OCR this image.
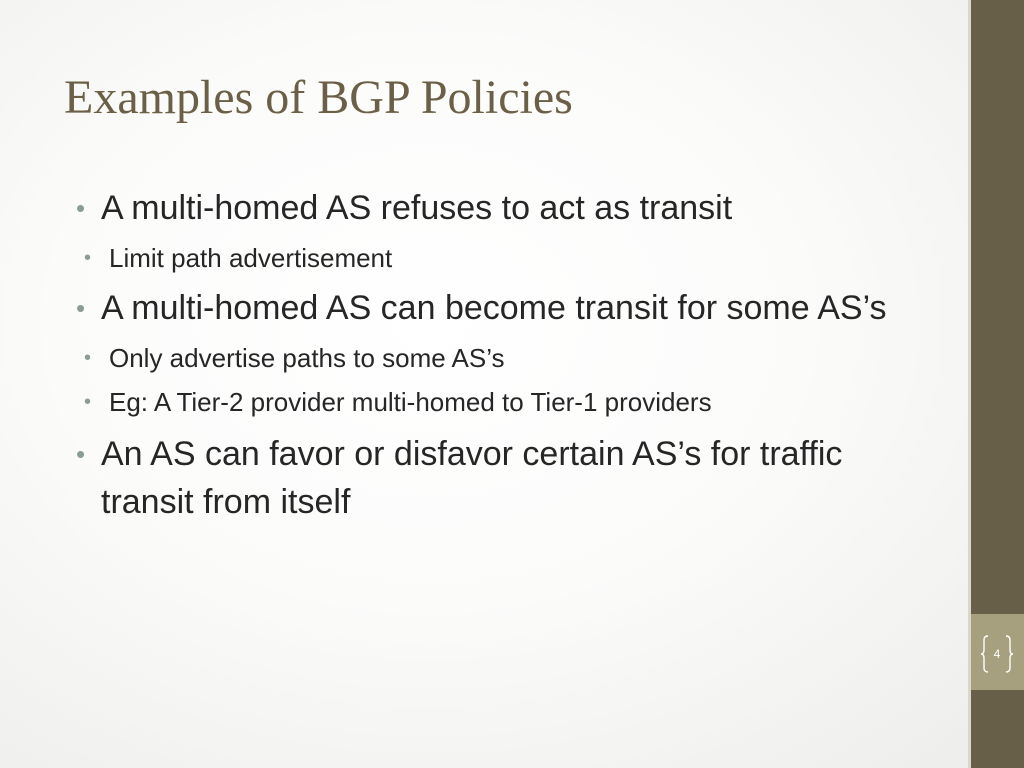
Examples of BGP Policies
• A multi-homed AS refuses to act as transit
• Limit path advertisement
• A multi-homed AS can become transit for some AS’s
• Only advertise paths to some AS’s
• Eg: A Tier-2 provider multi-homed to Tier-1 providers
• An AS can favor or disfavor certain AS’s for traffic transit from itself
4
